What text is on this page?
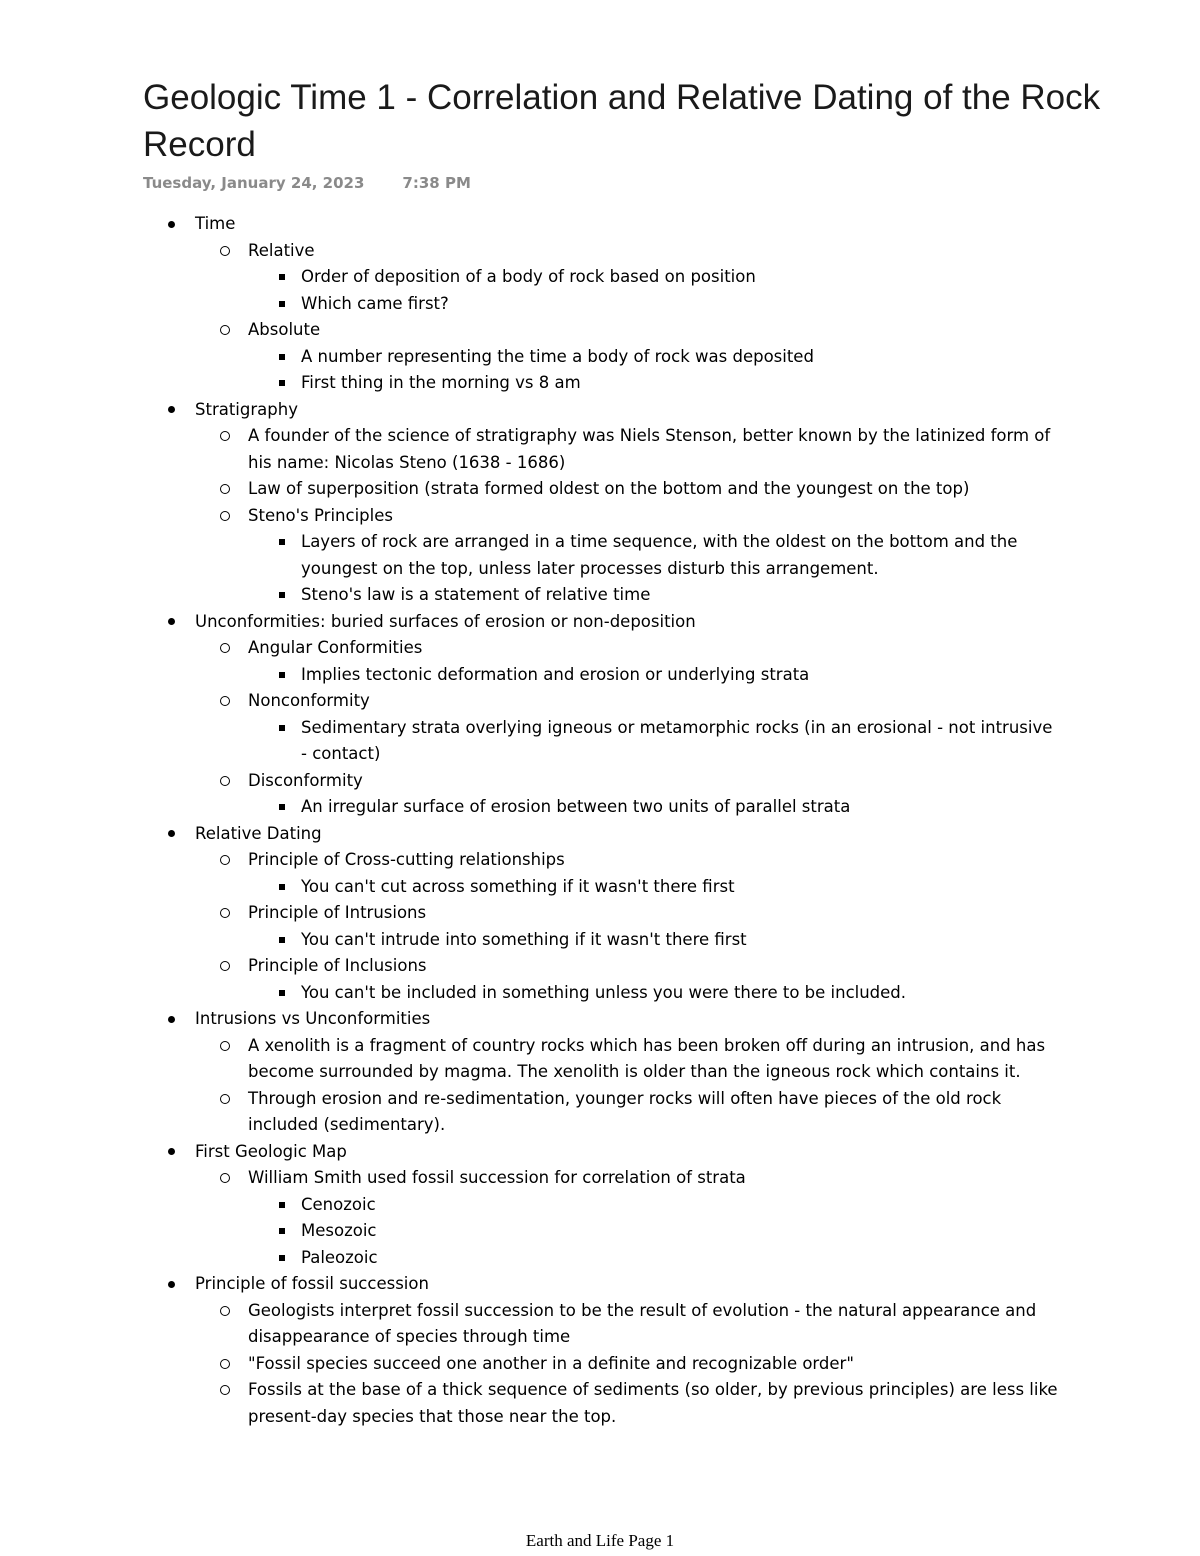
Geologic Time 1 - Correlation and Relative Dating of the Rock Record
Tuesday, January 24, 2023	7:38 PM
Time
Relative
Order of deposition of a body of rock based on position
Which came first?
Absolute
A number representing the time a body of rock was deposited
First thing in the morning vs 8 am
Stratigraphy
A founder of the science of stratigraphy was Niels Stenson, better known by the latinized form of his name: Nicolas Steno (1638 - 1686)
Law of superposition (strata formed oldest on the bottom and the youngest on the top)
Steno's Principles
Layers of rock are arranged in a time sequence, with the oldest on the bottom and the youngest on the top, unless later processes disturb this arrangement.
Steno's law is a statement of relative time
Unconformities: buried surfaces of erosion or non-deposition
Angular Conformities
Implies tectonic deformation and erosion or underlying strata
Nonconformity
Sedimentary strata overlying igneous or metamorphic rocks (in an erosional - not intrusive - contact)
Disconformity
An irregular surface of erosion between two units of parallel strata
Relative Dating
Principle of Cross-cutting relationships
You can't cut across something if it wasn't there first
Principle of Intrusions
You can't intrude into something if it wasn't there first
Principle of Inclusions
You can't be included in something unless you were there to be included.
Intrusions vs Unconformities
A xenolith is a fragment of country rocks which has been broken off during an intrusion, and has become surrounded by magma. The xenolith is older than the igneous rock which contains it.
Through erosion and re-sedimentation, younger rocks will often have pieces of the old rock included (sedimentary).
First Geologic Map
William Smith used fossil succession for correlation of strata
Cenozoic
Mesozoic
Paleozoic
Principle of fossil succession
Geologists interpret fossil succession to be the result of evolution - the natural appearance and disappearance of species through time
"Fossil species succeed one another in a definite and recognizable order"
Fossils at the base of a thick sequence of sediments (so older, by previous principles) are less like present-day species that those near the top.
Earth and Life Page 1
